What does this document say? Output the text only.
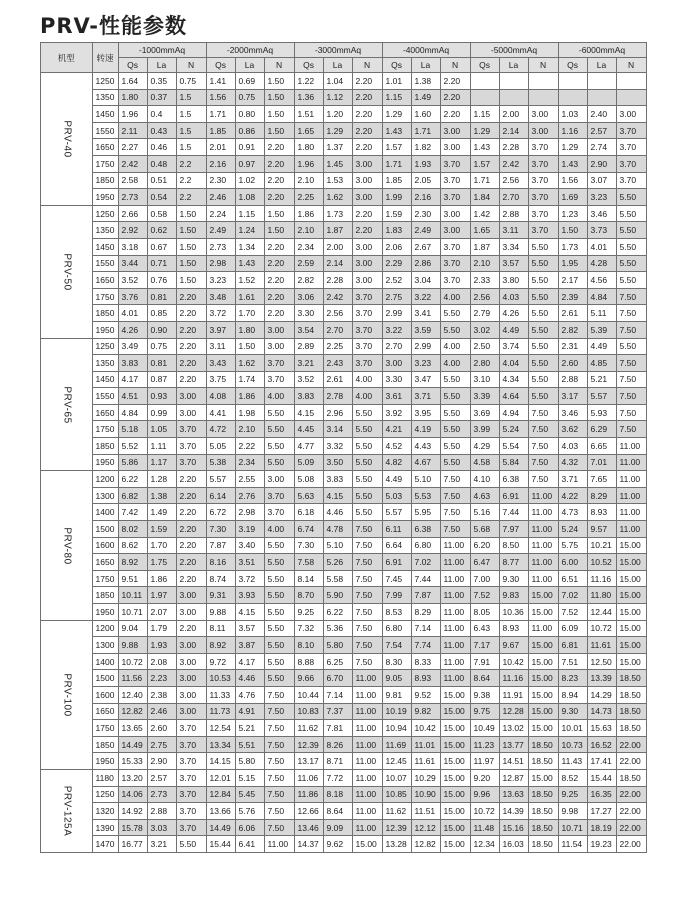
PRV-性能参数
机型	转速	-1000mmAq			-2000mmAq			-3000mmAq			-4000mmAq			-5000mmAq			-6000mmAq		
		Qs	La	N	Qs	La	N	Qs	La	N	Qs	La	N	Qs	La	N	Qs	La	N
PRV-40	1250	1.64	0.35	0.75	1.41	0.69	1.50	1.22	1.04	2.20	1.01	1.38	2.20						
	1350	1.80	0.37	1.5	1.56	0.75	1.50	1.36	1.12	2.20	1.15	1.49	2.20						
	1450	1.96	0.4	1.5	1.71	0.80	1.50	1.51	1.20	2.20	1.29	1.60	2.20	1.15	2.00	3.00	1.03	2.40	3.00
	1550	2.11	0.43	1.5	1.85	0.86	1.50	1.65	1.29	2.20	1.43	1.71	3.00	1.29	2.14	3.00	1.16	2.57	3.70
	1650	2.27	0.46	1.5	2.01	0.91	2.20	1.80	1.37	2.20	1.57	1.82	3.00	1.43	2.28	3.70	1.29	2.74	3.70
	1750	2.42	0.48	2.2	2.16	0.97	2.20	1.96	1.45	3.00	1.71	1.93	3.70	1.57	2.42	3.70	1.43	2.90	3.70
	1850	2.58	0.51	2.2	2.30	1.02	2.20	2.10	1.53	3.00	1.85	2.05	3.70	1.71	2.56	3.70	1.56	3.07	3.70
	1950	2.73	0.54	2.2	2.46	1.08	2.20	2.25	1.62	3.00	1.99	2.16	3.70	1.84	2.70	3.70	1.69	3.23	5.50
PRV-50	1250	2.66	0.58	1.50	2.24	1.15	1.50	1.86	1.73	2.20	1.59	2.30	3.00	1.42	2.88	3.70	1.23	3.46	5.50
	1350	2.92	0.62	1.50	2.49	1.24	1.50	2.10	1.87	2.20	1.83	2.49	3.00	1.65	3.11	3.70	1.50	3.73	5.50
	1450	3.18	0.67	1.50	2.73	1.34	2.20	2.34	2.00	3.00	2.06	2.67	3.70	1.87	3.34	5.50	1.73	4.01	5.50
	1550	3.44	0.71	1.50	2.98	1.43	2.20	2.59	2.14	3.00	2.29	2.86	3.70	2.10	3.57	5.50	1.95	4.28	5.50
	1650	3.52	0.76	1.50	3.23	1.52	2.20	2.82	2.28	3.00	2.52	3.04	3.70	2.33	3.80	5.50	2.17	4.56	5.50
	1750	3.76	0.81	2.20	3.48	1.61	2.20	3.06	2.42	3.70	2.75	3.22	4.00	2.56	4.03	5.50	2.39	4.84	7.50
	1850	4.01	0.85	2.20	3.72	1.70	2.20	3.30	2.56	3.70	2.99	3.41	5.50	2.79	4.26	5.50	2.61	5.11	7.50
	1950	4.26	0.90	2.20	3.97	1.80	3.00	3.54	2.70	3.70	3.22	3.59	5.50	3.02	4.49	5.50	2.82	5.39	7.50
PRV-65	1250	3.49	0.75	2.20	3.11	1.50	3.00	2.89	2.25	3.70	2.70	2.99	4.00	2.50	3.74	5.50	2.31	4.49	5.50
	1350	3.83	0.81	2.20	3.43	1.62	3.70	3.21	2.43	3.70	3.00	3.23	4.00	2.80	4.04	5.50	2.60	4.85	7.50
	1450	4.17	0.87	2.20	3.75	1.74	3.70	3.52	2.61	4.00	3.30	3.47	5.50	3.10	4.34	5.50	2.88	5.21	7.50
	1550	4.51	0.93	3.00	4.08	1.86	4.00	3.83	2.78	4.00	3.61	3.71	5.50	3.39	4.64	5.50	3.17	5.57	7.50
	1650	4.84	0.99	3.00	4.41	1.98	5.50	4.15	2.96	5.50	3.92	3.95	5.50	3.69	4.94	7.50	3.46	5.93	7.50
	1750	5.18	1.05	3.70	4.72	2.10	5.50	4.45	3.14	5.50	4.21	4.19	5.50	3.99	5.24	7.50	3.62	6.29	7.50
	1850	5.52	1.11	3.70	5.05	2.22	5.50	4.77	3.32	5.50	4.52	4.43	5.50	4.29	5.54	7.50	4.03	6.65	11.00
	1950	5.86	1.17	3.70	5.38	2.34	5.50	5.09	3.50	5.50	4.82	4.67	5.50	4.58	5.84	7.50	4.32	7.01	11.00
PRV-80	1200	6.22	1.28	2.20	5.57	2.55	3.00	5.08	3.83	5.50	4.49	5.10	7.50	4.10	6.38	7.50	3.71	7.65	11.00
	1300	6.82	1.38	2.20	6.14	2.76	3.70	5.63	4.15	5.50	5.03	5.53	7.50	4.63	6.91	11.00	4.22	8.29	11.00
	1400	7.42	1.49	2.20	6.72	2.98	3.70	6.18	4.46	5.50	5.57	5.95	7.50	5.16	7.44	11.00	4.73	8.93	11.00
	1500	8.02	1.59	2.20	7.30	3.19	4.00	6.74	4.78	7.50	6.11	6.38	7.50	5.68	7.97	11.00	5.24	9.57	11.00
	1600	8.62	1.70	2.20	7.87	3.40	5.50	7.30	5.10	7.50	6.64	6.80	11.00	6.20	8.50	11.00	5.75	10.21	15.00
	1650	8.92	1.75	2.20	8.16	3.51	5.50	7.58	5.26	7.50	6.91	7.02	11.00	6.47	8.77	11.00	6.00	10.52	15.00
	1750	9.51	1.86	2.20	8.74	3.72	5.50	8.14	5.58	7.50	7.45	7.44	11.00	7.00	9.30	11.00	6.51	11.16	15.00
	1850	10.11	1.97	3.00	9.31	3.93	5.50	8.70	5.90	7.50	7.99	7.87	11.00	7.52	9.83	15.00	7.02	11.80	15.00
	1950	10.71	2.07	3.00	9.88	4.15	5.50	9.25	6.22	7.50	8.53	8.29	11.00	8.05	10.36	15.00	7.52	12.44	15.00
PRV-100	1200	9.04	1.79	2.20	8.11	3.57	5.50	7.32	5.36	7.50	6.80	7.14	11.00	6.43	8.93	11.00	6.09	10.72	15.00
	1300	9.88	1.93	3.00	8.92	3.87	5.50	8.10	5.80	7.50	7.54	7.74	11.00	7.17	9.67	15.00	6.81	11.61	15.00
	1400	10.72	2.08	3.00	9.72	4.17	5.50	8.88	6.25	7.50	8.30	8.33	11.00	7.91	10.42	15.00	7.51	12.50	15.00
	1500	11.56	2.23	3.00	10.53	4.46	5.50	9.66	6.70	11.00	9.05	8.93	11.00	8.64	11.16	15.00	8.23	13.39	18.50
	1600	12.40	2.38	3.00	11.33	4.76	7.50	10.44	7.14	11.00	9.81	9.52	15.00	9.38	11.91	15.00	8.94	14.29	18.50
	1650	12.82	2.46	3.00	11.73	4.91	7.50	10.83	7.37	11.00	10.19	9.82	15.00	9.75	12.28	15.00	9.30	14.73	18.50
	1750	13.65	2.60	3.70	12.54	5.21	7.50	11.62	7.81	11.00	10.94	10.42	15.00	10.49	13.02	15.00	10.01	15.63	18.50
	1850	14.49	2.75	3.70	13.34	5.51	7.50	12.39	8.26	11.00	11.69	11.01	15.00	11.23	13.77	18.50	10.73	16.52	22.00
	1950	15.33	2.90	3.70	14.15	5.80	7.50	13.17	8.71	11.00	12.45	11.61	15.00	11.97	14.51	18.50	11.43	17.41	22.00
PRV-125A	1180	13.20	2.57	3.70	12.01	5.15	7.50	11.06	7.72	11.00	10.07	10.29	15.00	9.20	12.87	15.00	8.52	15.44	18.50
	1250	14.06	2.73	3.70	12.84	5.45	7.50	11.86	8.18	11.00	10.85	10.90	15.00	9.96	13.63	18.50	9.25	16.35	22.00
	1320	14.92	2.88	3.70	13.66	5.76	7.50	12.66	8.64	11.00	11.62	11.51	15.00	10.72	14.39	18.50	9.98	17.27	22.00
	1390	15.78	3.03	3.70	14.49	6.06	7.50	13.46	9.09	11.00	12.39	12.12	15.00	11.48	15.16	18.50	10.71	18.19	22.00
	1470	16.77	3.21	5.50	15.44	6.41	11.00	14.37	9.62	15.00	13.28	12.82	15.00	12.34	16.03	18.50	11.54	19.23	22.00
